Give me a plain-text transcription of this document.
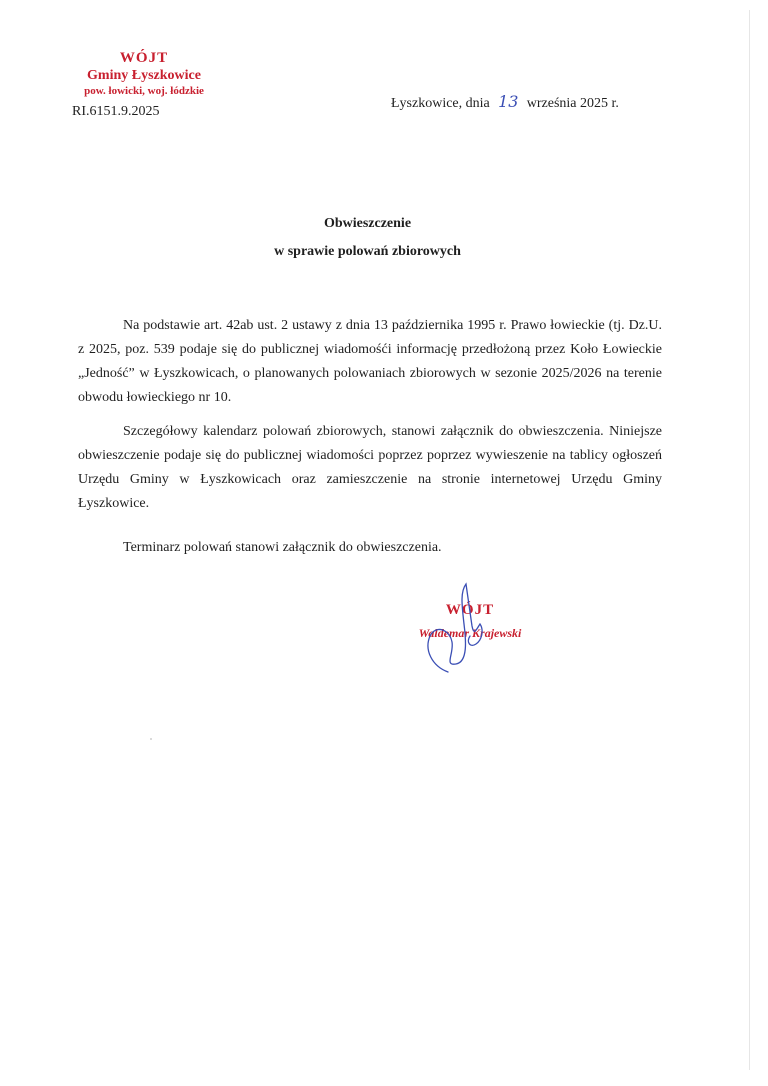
WÓJT
Gminy Łyszkowice
pow. łowicki, woj. łódzkie
RI.6151.9.2025
Łyszkowice, dnia 13 września 2025 r.
Obwieszczenie
w sprawie polowań zbiorowych
Na podstawie art. 42ab ust. 2 ustawy z dnia 13 października 1995 r. Prawo łowieckie (tj. Dz.U. z 2025, poz. 539 podaje się do publicznej wiadomośći informację przedłożoną przez Koło Łowieckie „Jedność” w Łyszkowicach, o planowanych polowaniach zbiorowych w sezonie 2025/2026 na terenie obwodu łowieckiego nr 10.
Szczegółowy kalendarz polowań zbiorowych, stanowi załącznik do obwieszczenia. Niniejsze obwieszczenie podaje się do publicznej wiadomości poprzez poprzez wywieszenie na tablicy ogłoszeń Urzędu Gminy w Łyszkowicach oraz zamieszczenie na stronie internetowej Urzędu Gminy Łyszkowice.
Terminarz polowań stanowi załącznik do obwieszczenia.
WÓJT
Waldemar Krajewski
